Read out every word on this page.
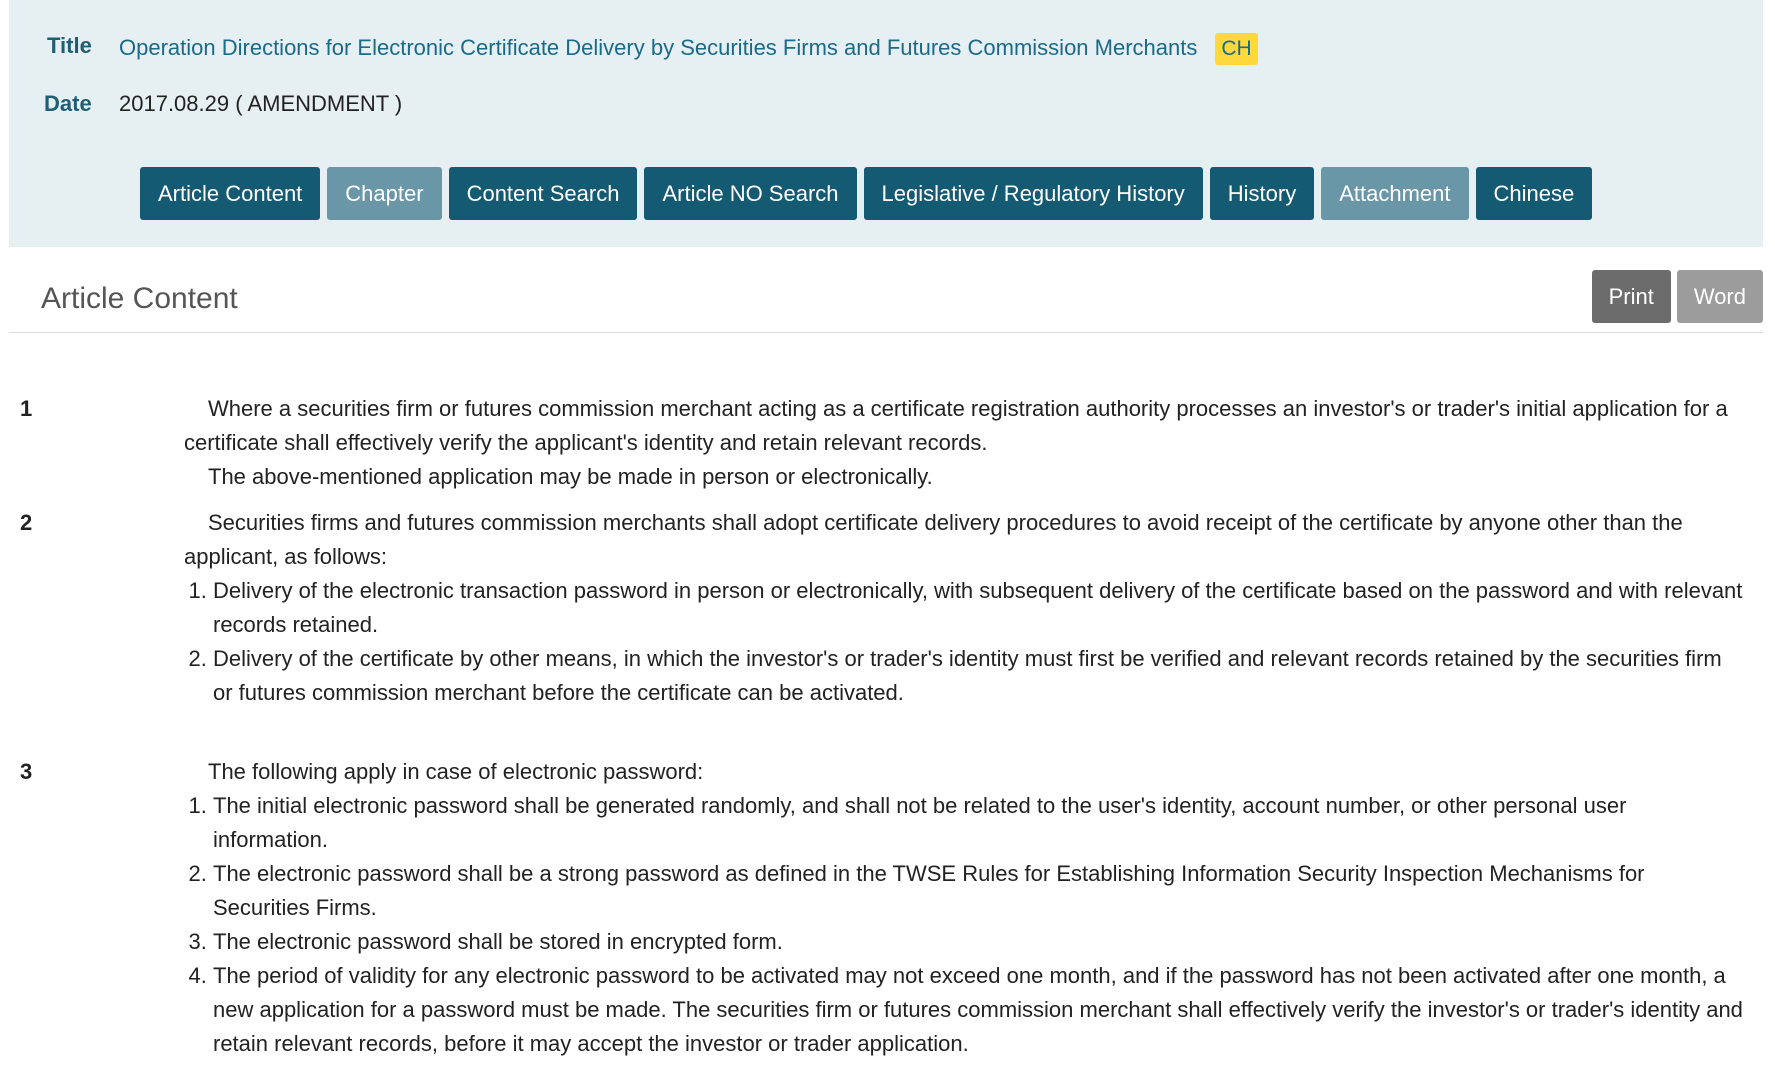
Title Operation Directions for Electronic Certificate Delivery by Securities Firms and Futures Commission Merchants CH
Date 2017.08.29 ( AMENDMENT )
Article Content	Chapter	Content Search	Article NO Search	Legislative / Regulatory History	History	Attachment	Chinese
Article Content	Print	Word
1	Where a securities firm or futures commission merchant acting as a certificate registration authority processes an investor's or trader's initial application for a certificate shall effectively verify the applicant's identity and retain relevant records.

The above-mentioned application may be made in person or electronically.

2	Securities firms and futures commission merchants shall adopt certificate delivery procedures to avoid receipt of the certificate by anyone other than the applicant, as follows:

1. Delivery of the electronic transaction password in person or electronically, with subsequent delivery of the certificate based on the password and with relevant records retained.
2. Delivery of the certificate by other means, in which the investor's or trader's identity must first be verified and relevant records retained by the securities firm or futures commission merchant before the certificate can be activated.
3	The following apply in case of electronic password:

1. The initial electronic password shall be generated randomly, and shall not be related to the user's identity, account number, or other personal user information.
2. The electronic password shall be a strong password as defined in the TWSE Rules for Establishing Information Security Inspection Mechanisms for Securities Firms.
3. The electronic password shall be stored in encrypted form.
4. The period of validity for any electronic password to be activated may not exceed one month, and if the password has not been activated after one month, a new application for a password must be made. The securities firm or futures commission merchant shall effectively verify the investor's or trader's identity and retain relevant records, before it may accept the investor or trader application.
